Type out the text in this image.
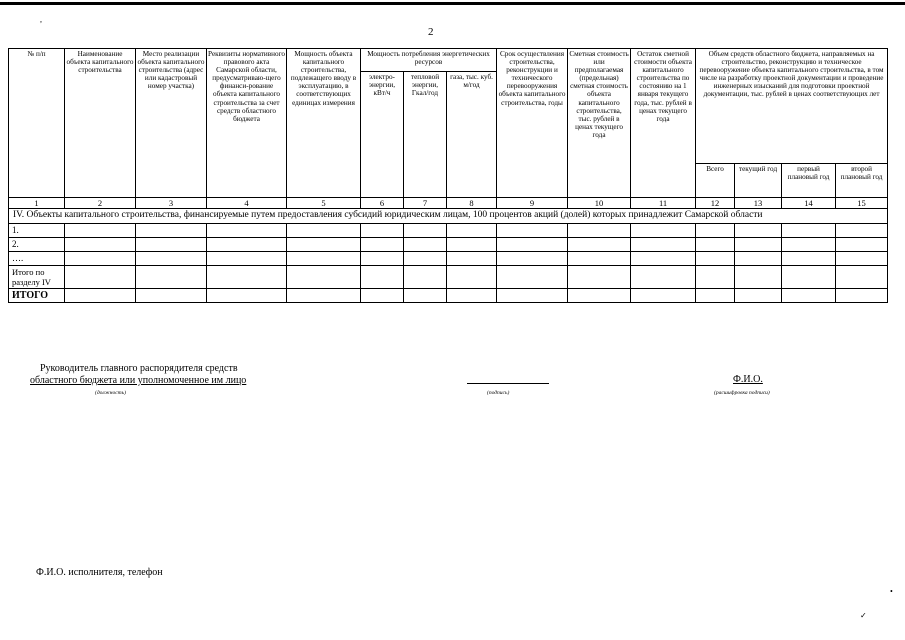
,
2
№ п/п	Наименование объекта капитального строительства	Место реализации объекта капитального строительства (адрес или кадастровый номер участка)	Реквизиты нормативного правового акта Самарской области, предусматриваю-щего финанси-рование объекта капитального строительства за счет средств областного бюджета	Мощность объекта капитального строительства, подлежащего вводу в эксплуатацию, в соответствующих единицах измерения	Мощность потребления энергетических ресурсов			Срок осуществления строительства, реконструкции и технического перевооружения объекта капитального строительства, годы	Сметная стоимость или предполагаемая (предельная) сметная стоимость объекта капитального строительства, тыс. рублей в ценах текущего года	Остаток сметной стоимости объекта капитального строительства по состоянию на 1 января текущего года, тыс. рублей в ценах текущего года	Объем средств областного бюджета, направляемых на строительство, реконструкцию и техническое перевооружение объекта капитального строительства, в том числе на разработку проектной документации и проведение инженерных изысканий для подготовки проектной документации, тыс. рублей в ценах соответствующих лет			
					электро-энергии, кВт/ч	тепловой энергии, Гкал/год	газа, тыс. куб. м/год							
											Всего	текущий год	первый плановый год	второй плановый год
1	2	3	4	5	6	7	8	9	10	11	12	13	14	15
IV. Объекты капитального строительства, финансируемые путем предоставления субсидий юридическим лицам, 100 процентов акций (долей) которых принадлежит Самарской области														
1.														
2.														
….														
Итого по разделу IV														
ИТОГО														
Руководитель главного распорядителя средств
областного бюджета или уполномоченное им лицо
(должность)	(подпись)
Ф.И.О.
(расшифровка подписи)
Ф.И.О. исполнителя, телефон
•
✓
